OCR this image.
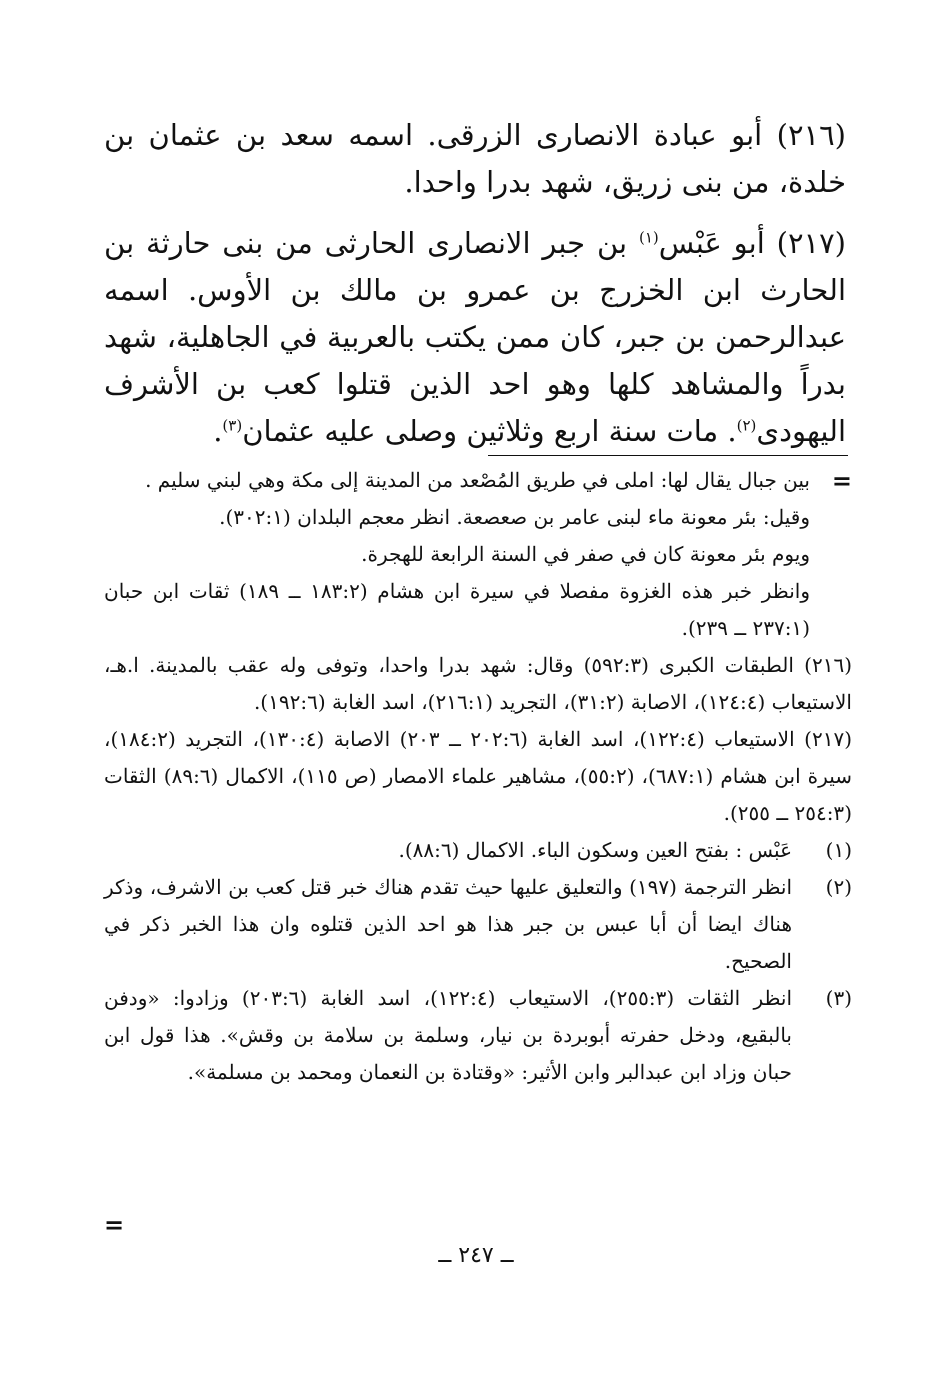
(٢١٦) أبو عبادة الانصارى الزرقى. اسمه سعد بن عثمان بن خلدة، من بنى زريق، شهد بدرا واحدا.

(٢١٧) أبو عَبْس$^{(١)}$ بن جبر الانصارى الحارثى من بنى حارثة بن الحارث ابن الخزرج بن عمرو بن مالك بن الأوس. اسمه عبدالرحمن بن جبر، كان ممن يكتب بالعربية في الجاهلية، شهد بدراً والمشاهد كلها وهو احد الذين قتلوا كعب بن الأشرف اليهودى$^{(٢)}$. مات سنة اربع وثلاثين وصلى عليه عثمان$^{(٣)}$.

=
بين جبال يقال لها: املى في طريق المُصْعد من المدينة إلى مكة وهي لبني سليم .
وقيل: بئر معونة ماء لبنى عامر بن صعصعة. انظر معجم البلدان (٣٠٢:١).
ويوم بئر معونة كان في صفر في السنة الرابعة للهجرة.
وانظر خبر هذه الغزوة مفصلا في سيرة ابن هشام (١٨٣:٢ ــ ١٨٩) ثقات ابن حبان (٢٣٧:١ ــ ٢٣٩).
(٢١٦) الطبقات الكبرى (٥٩٢:٣) وقال: شهد بدرا واحدا، وتوفى وله عقب بالمدينة. ا.هـ، الاستيعاب (١٢٤:٤)، الاصابة (٣١:٢)، التجريد (٢١٦:١)، اسد الغابة (١٩٢:٦).
(٢١٧) الاستيعاب (١٢٢:٤)، اسد الغابة (٢٠٢:٦ ــ ٢٠٣) الاصابة (١٣٠:٤)، التجريد (١٨٤:٢)، سيرة ابن هشام (٦٨٧:١)، (٥٥:٢)، مشاهير علماء الامصار (ص ١١٥)، الاكمال (٨٩:٦) الثقات (٢٥٤:٣ ــ ٢٥٥).
(١)
عَبْس : بفتح العين وسكون الباء. الاكمال (٨٨:٦).
(٢)
انظر الترجمة (١٩٧) والتعليق عليها حيث تقدم هناك خبر قتل كعب بن الاشرف، وذكر هناك ايضا أن أبا عبس بن جبر هذا هو احد الذين قتلوه وان هذا الخبر ذكر في الصحيح.
(٣)
انظر الثقات (٢٥٥:٣)، الاستيعاب (١٢٢:٤)، اسد الغابة (٢٠٣:٦) وزادوا: «ودفن بالبقيع، ودخل حفرته أبوبردة بن نيار، وسلمة بن سلامة بن وقش». هذا قول ابن حبان وزاد ابن عبدالبر وابن الأثير: «وقتادة بن النعمان ومحمد بن مسلمة».
=
ــ ٢٤٧ ــ
